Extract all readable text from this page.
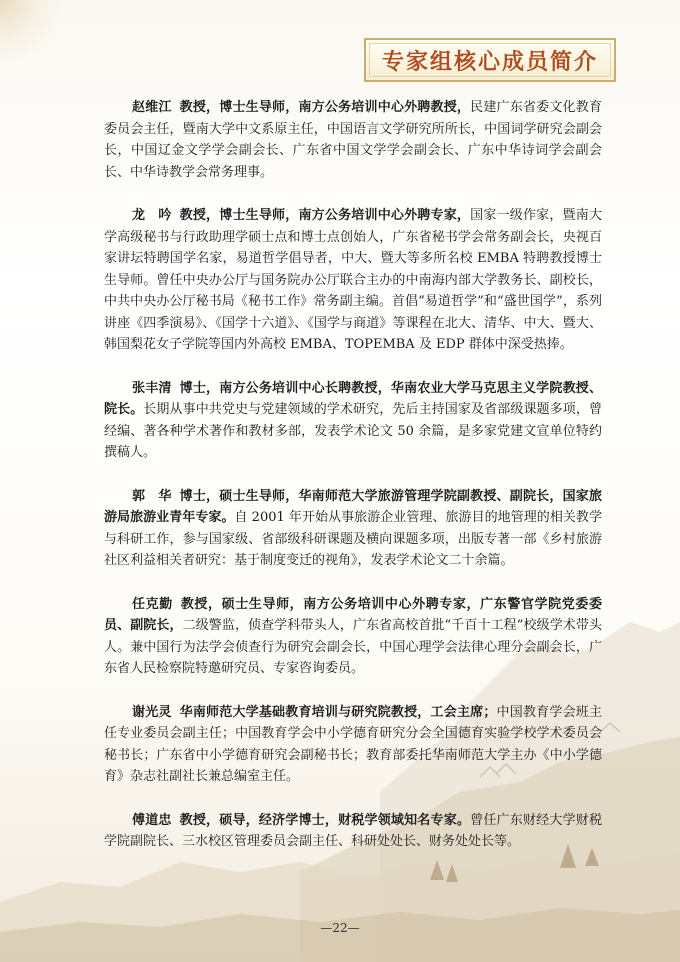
专家组核心成员简介

赵维江 教授，博士生导师，南方公务培训中心外聘教授，民建广东省委文化教育委员会主任，暨南大学中文系原主任，中国语言文学研究所所长，中国词学研究会副会长，中国辽金文学学会副会长、广东省中国文学学会副会长、广东中华诗词学会副会长、中华诗教学会常务理事。

龙　吟 教授，博士生导师，南方公务培训中心外聘专家，国家一级作家，暨南大学高级秘书与行政助理学硕士点和博士点创始人，广东省秘书学会常务副会长，央视百家讲坛特聘国学名家，易道哲学倡导者，中大、暨大等多所名校 EMBA 特聘教授博士生导师。曾任中央办公厅与国务院办公厅联合主办的中南海内部大学教务长、副校长，中共中央办公厅秘书局《秘书工作》常务副主编。首倡“易道哲学”和“盛世国学”，系列讲座《四季演易》、《国学十六道》、《国学与商道》等课程在北大、清华、中大、暨大、韩国梨花女子学院等国内外高校 EMBA、TOPEMBA 及 EDP 群体中深受热捧。

张丰清 博士，南方公务培训中心长聘教授，华南农业大学马克思主义学院教授、院长。长期从事中共党史与党建领域的学术研究，先后主持国家及省部级课题多项，曾经编、著各种学术著作和教材多部，发表学术论文 50 余篇，是多家党建文宣单位特约撰稿人。

郭　华 博士，硕士生导师，华南师范大学旅游管理学院副教授、副院长，国家旅游局旅游业青年专家。自 2001 年开始从事旅游企业管理、旅游目的地管理的相关教学与科研工作，参与国家级、省部级科研课题及横向课题多项，出版专著一部《乡村旅游社区利益相关者研究：基于制度变迁的视角》，发表学术论文二十余篇。

任克勤 教授，硕士生导师，南方公务培训中心外聘专家，广东警官学院党委委员、副院长，二级警监，侦查学科带头人，广东省高校首批“千百十工程”校级学术带头人。兼中国行为法学会侦查行为研究会副会长，中国心理学会法律心理分会副会长，广东省人民检察院特邀研究员、专家咨询委员。

谢光灵 华南师范大学基础教育培训与研究院教授，工会主席；中国教育学会班主任专业委员会副主任；中国教育学会中小学德育研究分会全国德育实验学校学术委员会秘书长；广东省中小学德育研究会副秘书长；教育部委托华南师范大学主办《中小学德育》杂志社副社长兼总编室主任。

傅道忠 教授，硕导，经济学博士，财税学领域知名专家。曾任广东财经大学财税学院副院长、三水校区管理委员会副主任、科研处处长、财务处处长等。

—22—
